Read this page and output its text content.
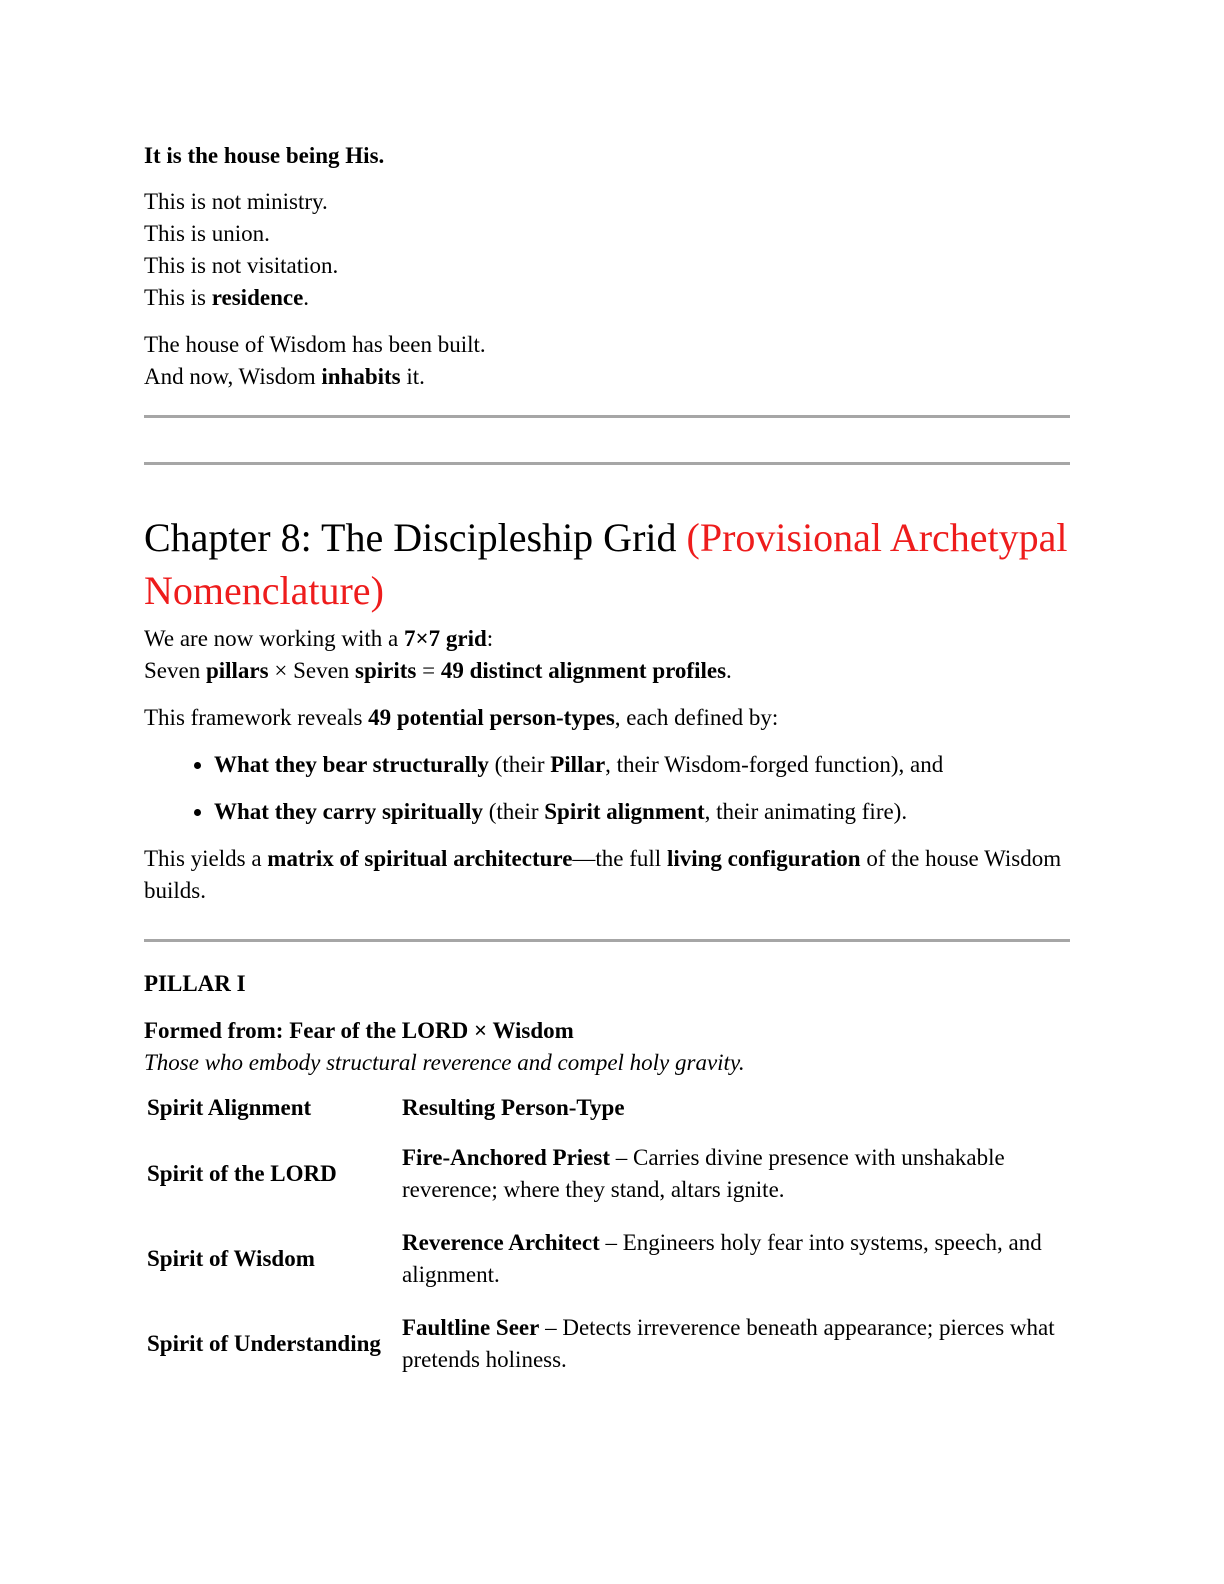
It is the house being His.

This is not ministry.
This is union.
This is not visitation.
This is residence.

The house of Wisdom has been built.
And now, Wisdom inhabits it.

Chapter 8: The Discipleship Grid (Provisional Archetypal Nomenclature)

We are now working with a 7×7 grid:
Seven pillars × Seven spirits = 49 distinct alignment profiles.

This framework reveals 49 potential person-types, each defined by:

• What they bear structurally (their Pillar, their Wisdom-forged function), and
• What they carry spiritually (their Spirit alignment, their animating fire).

This yields a matrix of spiritual architecture—the full living configuration of the house Wisdom builds.

PILLAR I

Formed from: Fear of the LORD × Wisdom
Those who embody structural reverence and compel holy gravity.

Spirit Alignment	Resulting Person-Type
Spirit of the LORD	Fire-Anchored Priest – Carries divine presence with unshakable reverence; where they stand, altars ignite.
Spirit of Wisdom	Reverence Architect – Engineers holy fear into systems, speech, and alignment.
Spirit of Understanding	Faultline Seer – Detects irreverence beneath appearance; pierces what pretends holiness.
